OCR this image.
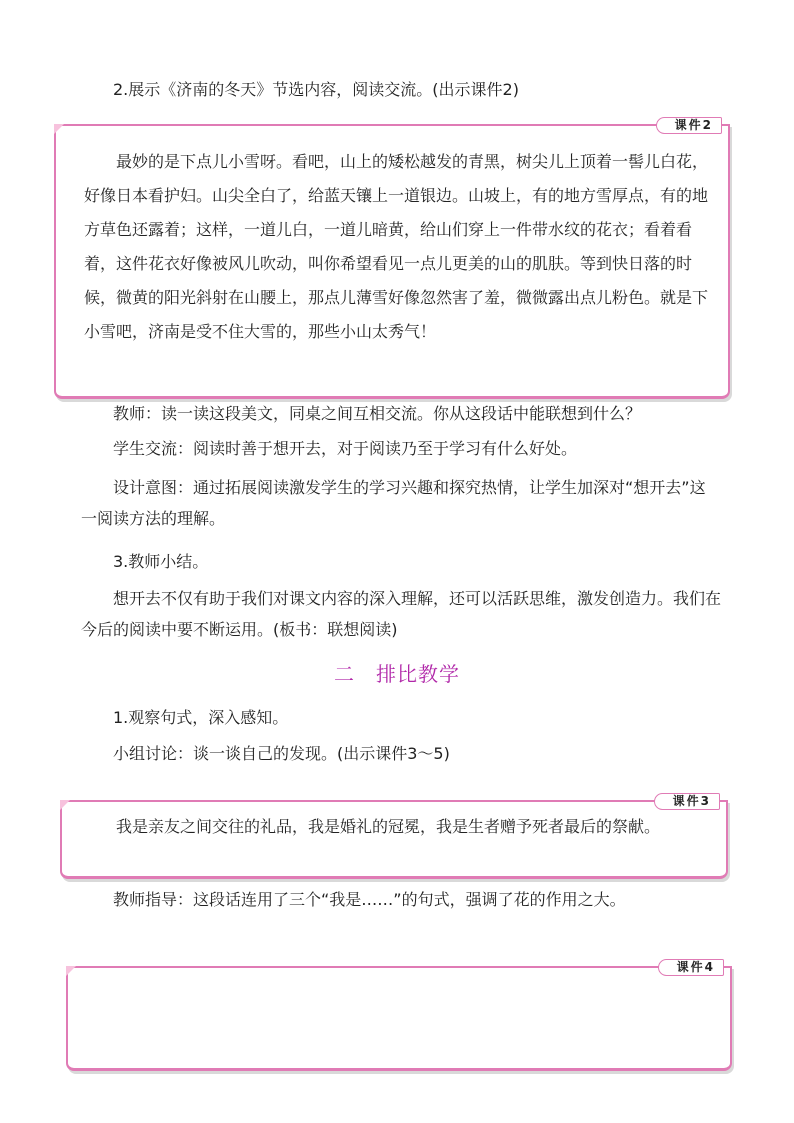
2.展示《济南的冬天》节选内容，阅读交流。(出示课件2)

课件2

最妙的是下点儿小雪呀。看吧，山上的矮松越发的青黑，树尖儿上顶着一髻儿白花，好像日本看护妇。山尖全白了，给蓝天镶上一道银边。山坡上，有的地方雪厚点，有的地方草色还露着；这样，一道儿白，一道儿暗黄，给山们穿上一件带水纹的花衣；看着看着，这件花衣好像被风儿吹动，叫你希望看见一点儿更美的山的肌肤。等到快日落的时候，微黄的阳光斜射在山腰上，那点儿薄雪好像忽然害了羞，微微露出点儿粉色。就是下小雪吧，济南是受不住大雪的，那些小山太秀气！

教师：读一读这段美文，同桌之间互相交流。你从这段话中能联想到什么？

学生交流：阅读时善于想开去，对于阅读乃至于学习有什么好处。

设计意图：通过拓展阅读激发学生的学习兴趣和探究热情，让学生加深对“想开去”这一阅读方法的理解。

3.教师小结。

想开去不仅有助于我们对课文内容的深入理解，还可以活跃思维，激发创造力。我们在今后的阅读中要不断运用。(板书：联想阅读)

二　排比教学

1.观察句式，深入感知。

小组讨论：谈一谈自己的发现。(出示课件3～5)

课件3

我是亲友之间交往的礼品，我是婚礼的冠冕，我是生者赠予死者最后的祭献。

教师指导：这段话连用了三个“我是……”的句式，强调了花的作用之大。

课件4
